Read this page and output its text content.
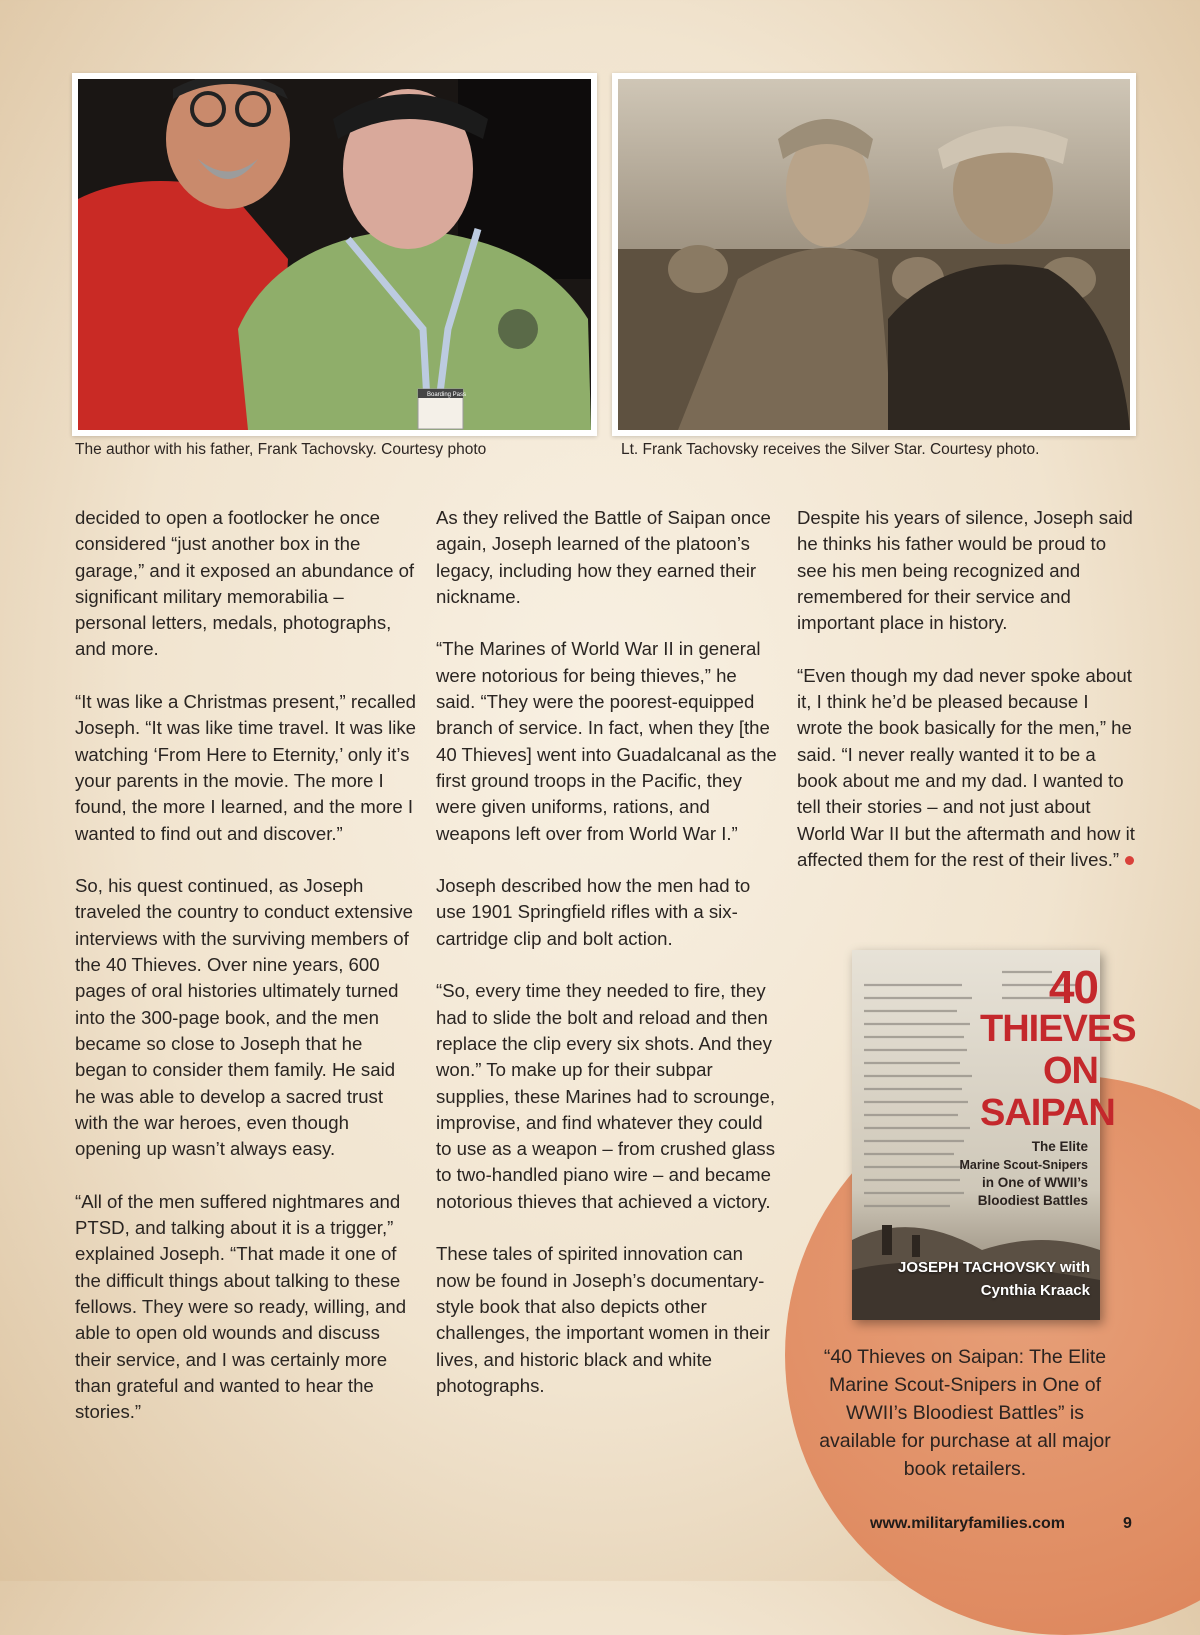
Boarding Pass
The author with his father, Frank Tachovsky. Courtesy photo	Lt. Frank Tachovsky receives the Silver Star. Courtesy photo.

decided to open a footlocker he once considered “just another box in the garage,” and it exposed an abundance of significant military memorabilia – personal letters, medals, photographs, and more.

“It was like a Christmas present,” recalled Joseph. “It was like time travel. It was like watching ‘From Here to Eternity,’ only it’s your parents in the movie. The more I found, the more I learned, and the more I wanted to find out and discover.”

So, his quest continued, as Joseph traveled the country to conduct extensive interviews with the surviving members of the 40 Thieves. Over nine years, 600 pages of oral histories ultimately turned into the 300-page book, and the men became so close to Joseph that he began to consider them family. He said he was able to develop a sacred trust with the war heroes, even though opening up wasn’t always easy.

“All of the men suffered nightmares and PTSD, and talking about it is a trigger,” explained Joseph. “That made it one of the difficult things about talking to these fellows. They were so ready, willing, and able to open old wounds and discuss their service, and I was certainly more than grateful and wanted to hear the stories.”

As they relived the Battle of Saipan once again, Joseph learned of the platoon’s legacy, including how they earned their nickname.

“The Marines of World War II in general were notorious for being thieves,” he said. “They were the poorest-equipped branch of service. In fact, when they [the 40 Thieves] went into Guadalcanal as the first ground troops in the Pacific, they were given uniforms, rations, and weapons left over from World War I.”

Joseph described how the men had to use 1901 Springfield rifles with a six-cartridge clip and bolt action.

“So, every time they needed to fire, they had to slide the bolt and reload and then replace the clip every six shots. And they won.” To make up for their subpar supplies, these Marines had to scrounge, improvise, and find whatever they could to use as a weapon – from crushed glass to two-handled piano wire – and became notorious thieves that achieved a victory.

These tales of spirited innovation can now be found in Joseph’s documentary-style book that also depicts other challenges, the important women in their lives, and historic black and white photographs.

Despite his years of silence, Joseph said he thinks his father would be proud to see his men being recognized and remembered for their service and important place in history.

“Even though my dad never spoke about it, I think he’d be pleased because I wrote the book basically for the men,” he said. “I never really wanted it to be a book about me and my dad. I wanted to tell their stories – and not just about World War II but the aftermath and how it affected them for the rest of their lives.”

40
THIEVES
ON
SAIPAN
The Elite
Marine Scout-Snipers
in One of WWII’s
Bloodiest Battles
JOSEPH TACHOVSKY with
Cynthia Kraack
“40 Thieves on Saipan: The Elite Marine Scout-Snipers in One of WWII’s Bloodiest Battles” is available for purchase at all major book retailers.
www.militaryfamilies.com	9
